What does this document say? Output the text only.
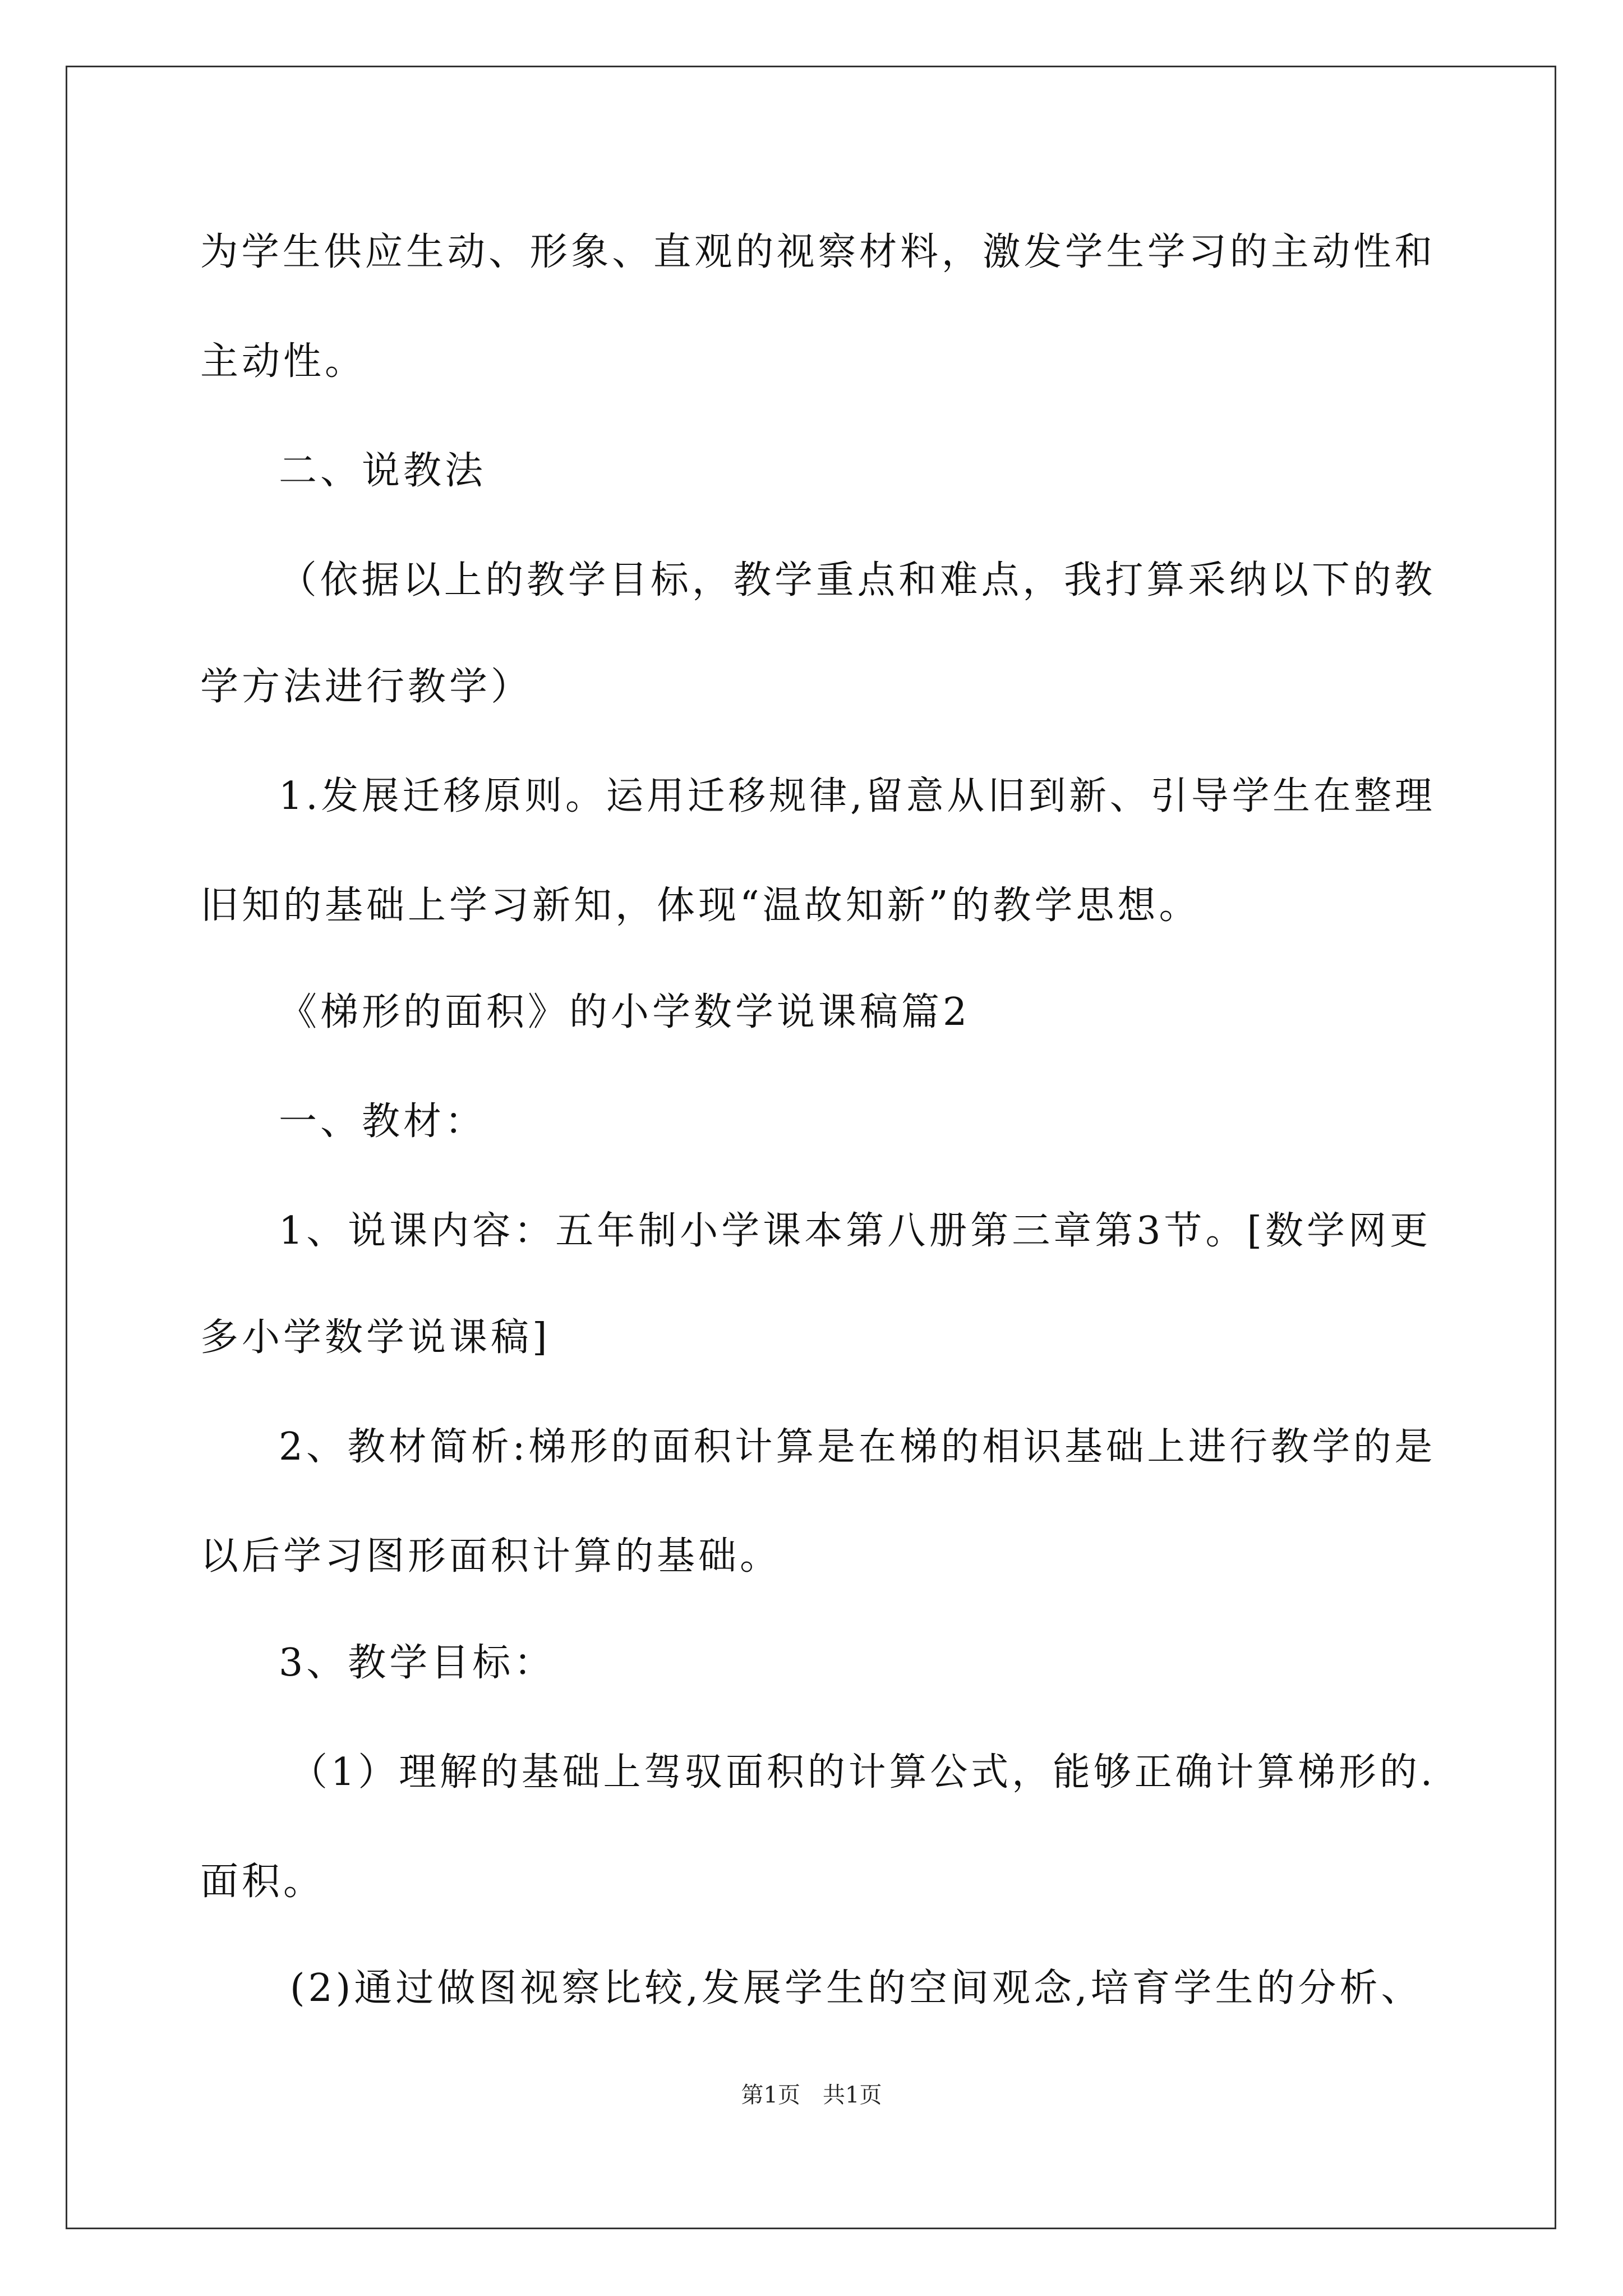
为学生供应生动、形象、直观的视察材料，激发学生学习的主动性和
主动性。
二、说教法
（依据以上的教学目标，教学重点和难点，我打算采纳以下的教
学方法进行教学）
1.发展迁移原则。运用迁移规律,留意从旧到新、引导学生在整理
旧知的基础上学习新知，体现“温故知新”的教学思想。
《梯形的面积》的小学数学说课稿篇2
一、教材：
1、说课内容：五年制小学课本第八册第三章第3节。[数学网更
多小学数学说课稿]
2、教材简析:梯形的面积计算是在梯的相识基础上进行教学的是
以后学习图形面积计算的基础。
3、教学目标：
（1）理解的基础上驾驭面积的计算公式，能够正确计算梯形的.
面积。
(2)通过做图视察比较,发展学生的空间观念,培育学生的分析、
第1页　共1页
